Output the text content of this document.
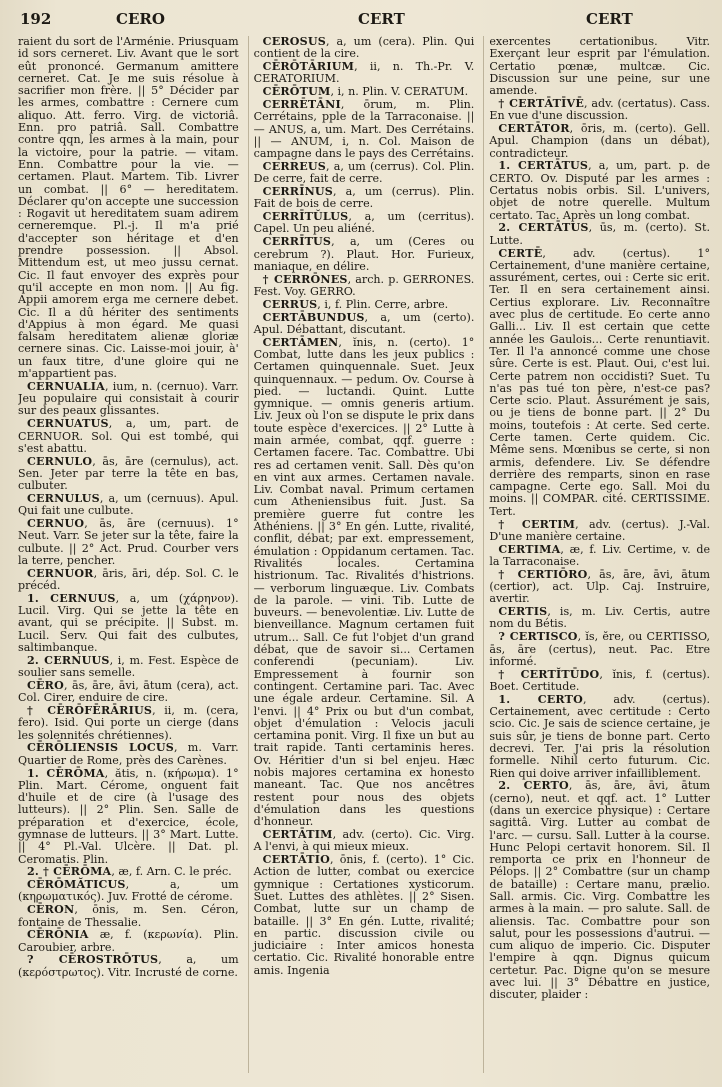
192	CERO	CERT	CERT

raient du sort de l'Arménie. Priusquam id sors cerneret. Liv. Avant que le sort eût prononcé. Germanum amittere cerneret. Cat. Je me suis résolue à sacrifier mon frère. || 5° Décider par les armes, combattre : Cernere cum aliquo. Att. ferro. Virg. de victoriâ. Enn. pro patriâ. Sall. Combattre contre qqn, les armes à la main, pour la victoire, pour la patrie. — vitam. Enn. Combattre pour la vie. — certamen. Plaut. Martem. Tib. Livrer un combat. || 6° — hereditatem. Déclarer qu'on accepte une succession : Rogavit ut hereditatem suam adirem cerneremque. Pl.-j. Il m'a prié d'accepter son héritage et d'en prendre possession. || Absol. Mittendum est, ut meo jussu cernat. Cic. Il faut envoyer des exprès pour qu'il accepte en mon nom. || Au fig. Appii amorem erga me cernere debet. Cic. Il a dû hériter des sentiments d'Appius à mon égard. Me quasi falsam hereditatem alienæ gloriæ cernere sinas. Cic. Laisse-moi jouir, à' un faux titre, d'une gloire qui ne m'appartient pas.

CERNUALIA, ium, n. (cernuo). Varr. Jeu populaire qui consistait à courir sur des peaux glissantes.

CERNUATUS, a, um, part. de CERNUOR. Sol. Qui est tombé, qui s'est abattu.

CERNULO, ās, āre (cernulus), act. Sen. Jeter par terre la tête en bas, culbuter.

CERNULUS, a, um (cernuus). Apul. Qui fait une culbute.

CERNUO, ās, āre (cernuus). 1° Neut. Varr. Se jeter sur la tête, faire la culbute. || 2° Act. Prud. Courber vers la terre, pencher.

CERNUOR, āris, āri, dép. Sol. C. le précéd.

1. CERNUUS, a, um (χάρηνον). Lucil. Virg. Qui se jette la tête en avant, qui se précipite. || Subst. m. Lucil. Serv. Qui fait des culbutes, saltimbanque.

2. CERNUUS, i, m. Fest. Espèce de soulier sans semelle.

CĒRO, ās, āre, āvi, ātum (cera), act. Col. Cirer, enduire de cire.

† CĒRŌFĒRĀRIUS, ii, m. (cera, fero). Isid. Qui porte un cierge (dans les solennités chrétiennes).

CĒRŌLIENSIS LOCUS, m. Varr. Quartier de Rome, près des Carènes.

1. CĒRŌMA, ătis, n. (κήρωμα). 1° Plin. Mart. Cérome, onguent fait d'huile et de cire (à l'usage des lutteurs). || 2° Plin. Sen. Salle de préparation et d'exercice, école, gymnase de lutteurs. || 3° Mart. Lutte. || 4° Pl.-Val. Ulcère. || Dat. pl. Ceromatis. Plin.

2. † CĒRŌMA, æ, f. Arn. C. le préc.

CĒRŌMĂTICUS, a, um (κηρωματικός). Juv. Frotté de cérome.

CĒRON, ōnis, m. Sen. Céron, fontaine de Thessalie.

CĒRŌNIA æ, f. (κερωνία). Plin. Caroubier, arbre.

? CĒROSTRŌTUS, a, um (κερόστρωτος). Vitr. Incrusté de corne.

CĒRŌSUS, a, um (cera). Plin. Qui contient de la cire.

CĒRŌTĀRIUM, ii, n. Th.-Pr. V. CERATORIUM.

CĒRŌTUM, i, n. Plin. V. CERATUM.

CERRĒTĀNI, ōrum, m. Plin. Cerrétains, pple de la Tarraconaise. || — ANUS, a, um. Mart. Des Cerrétains. || — ANUM, i, n. Col. Maison de campagne dans le pays des Cerrétains.

CERREUS, a, um (cerrus). Col. Plin. De cerre, fait de cerre.

CERRĪNUS, a, um (cerrus). Plin. Fait de bois de cerre.

CERRĪTŬLUS, a, um (cerritus). Capel. Un peu aliéné.

CERRĪTUS, a, um (Ceres ou cerebrum ?). Plaut. Hor. Furieux, maniaque, en délire.

† CERRŌNES, arch. p. GERRONES. Fest. Voy. GERRO.

CERRUS, i, f. Plin. Cerre, arbre.

CERTĀBUNDUS, a, um (certo). Apul. Débattant, discutant.

CERTĀMEN, ĭnis, n. (certo). 1° Combat, lutte dans les jeux publics : Certamen quinquennale. Suet. Jeux quinquennaux. — pedum. Ov. Course à pied. — luctandi. Quint. Lutte gymnique. — omnis generis artium. Liv. Jeux où l'on se dispute le prix dans toute espèce d'exercices. || 2° Lutte à main armée, combat, qqf. guerre : Certamen facere. Tac. Combattre. Ubi res ad certamen venit. Sall. Dès qu'on en vint aux armes. Certamen navale. Liv. Combat naval. Primum certamen cum Atheniensibus fuit. Just. Sa première guerre fut contre les Athéniens. || 3° En gén. Lutte, rivalité, conflit, débat; par ext. empressement, émulation : Oppidanum certamen. Tac. Rivalités locales. Certamina histrionum. Tac. Rivalités d'histrions. — verborum linguæque. Liv. Combats de la parole. — vini. Tib. Lutte de buveurs. — benevolentiæ. Liv. Lutte de bienveillance. Magnum certamen fuit utrum... Sall. Ce fut l'objet d'un grand débat, que de savoir si... Certamen conferendi (pecuniam). Liv. Empressement à fournir son contingent. Certamine pari. Tac. Avec une égale ardeur. Certamine. Sil. A l'envi. || 4° Prix ou but d'un combat, objet d'émulation : Velocis jaculi certamina ponit. Virg. Il fixe un but au trait rapide. Tanti certaminis heres. Ov. Héritier d'un si bel enjeu. Hæc nobis majores certamina ex honesto maneant. Tac. Que nos ancêtres restent pour nous des objets d'émulation dans les questions d'honneur.

CERTĀTIM, adv. (certo). Cic. Virg. A l'envi, à qui mieux mieux.

CERTĀTIO, ōnis, f. (certo). 1° Cic. Action de lutter, combat ou exercice gymnique : Certationes xysticorum. Suet. Luttes des athlètes. || 2° Sisen. Combat, lutte sur un champ de bataille. || 3° En gén. Lutte, rivalité; en partic. discussion civile ou judiciaire : Inter amicos honesta certatio. Cic. Rivalité honorable entre amis. Ingenia

exercentes certationibus. Vitr. Exerçant leur esprit par l'émulation. Certatio pœnæ, multcæ. Cic. Discussion sur une peine, sur une amende.

† CERTĀTĪVĒ, adv. (certatus). Cass. En vue d'une discussion.

CERTĀTOR, ōris, m. (certo). Gell. Apul. Champion (dans un débat), contradicteur.

1. CERTĀTUS, a, um, part. p. de CERTO. Ov. Disputé par les armes : Certatus nobis orbis. Sil. L'univers, objet de notre querelle. Multum certato. Tac. Après un long combat.

2. CERTĀTUS, ūs, m. (certo). St. Lutte.

CERTĒ, adv. (certus). 1° Certainement, d'une manière certaine, assurément, certes, oui : Certe sic erit. Ter. Il en sera certainement ainsi. Certius explorare. Liv. Reconnaître avec plus de certitude. Eo certe anno Galli... Liv. Il est certain que cette année les Gaulois... Certe renuntiavit. Ter. Il l'a annoncé comme une chose sûre. Certe is est. Plaut. Oui, c'est lui. Certe patrem non occidisti? Suet. Tu n'as pas tué ton père, n'est-ce pas? Certe scio. Plaut. Assurément je sais, ou je tiens de bonne part. || 2° Du moins, toutefois : At certe. Sed certe. Certe tamen. Certe quidem. Cic. Même sens. Mœnibus se certe, si non armis, defendere. Liv. Se défendre derrière des remparts, sinon en rase campagne. Certe ego. Sall. Moi du moins. || COMPAR. cité. CERTISSIME. Tert.

† CERTIM, adv. (certus). J.-Val. D'une manière certaine.

CERTIMA, æ, f. Liv. Certime, v. de la Tarraconaise.

† CERTIŌRO, ās, āre, āvi, ātum (certior), act. Ulp. Caj. Instruire, avertir.

CERTIS, is, m. Liv. Certis, autre nom du Bétis.

? CERTISCO, ĭs, ĕre, ou CERTISSO, ās, āre (certus), neut. Pac. Etre informé.

† CERTĬTŪDO, ĭnis, f. (certus). Boet. Certitude.

1. CERTO, adv. (certus). Certainement, avec certitude : Certo scio. Cic. Je sais de science certaine, je suis sûr, je tiens de bonne part. Certo decrevi. Ter. J'ai pris la résolution formelle. Nihil certo futurum. Cic. Rien qui doive arriver infailliblement.

2. CERTO, ās, āre, āvi, ātum (cerno), neut. et qqf. act. 1° Lutter (dans un exercice physique) : Certare sagittâ. Virg. Lutter au combat de l'arc. — cursu. Sall. Lutter à la course. Hunc Pelopi certavit honorem. Sil. Il remporta ce prix en l'honneur de Pélops. || 2° Combattre (sur un champ de bataille) : Certare manu, prælio. Sall. armis. Cic. Virg. Combattre les armes à la main. — pro salute. Sall. de aliensis. Tac. Combattre pour son salut, pour les possessions d'autrui. — cum aliquo de imperio. Cic. Disputer l'empire à qqn. Dignus quicum certetur. Pac. Digne qu'on se mesure avec lui. || 3° Débattre en justice, discuter, plaider :
